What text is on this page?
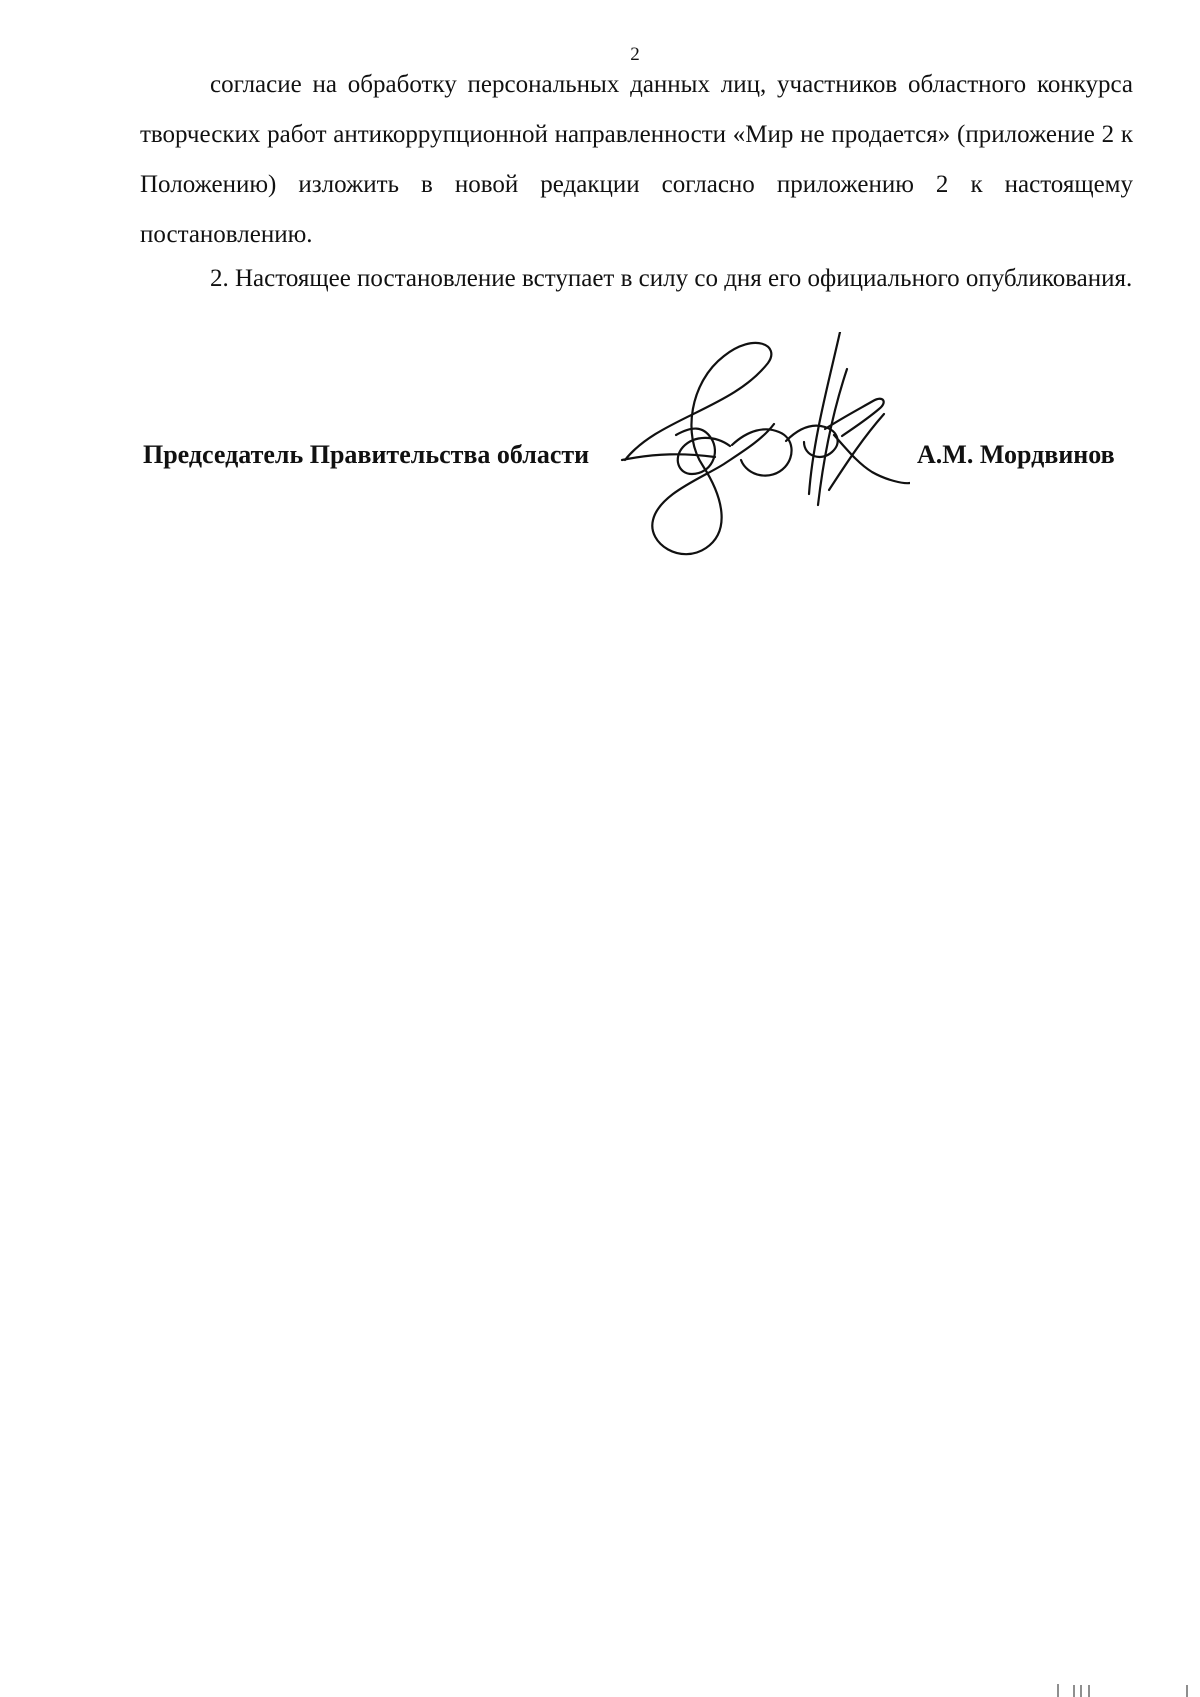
2
согласие на обработку персональных данных лиц, участников областного конкурса творческих работ антикоррупционной направленности «Мир не продается» (приложение 2 к Положению) изложить в новой редакции согласно приложению 2 к настоящему постановлению.
2. Настоящее постановление вступает в силу со дня его официального опубликования.
Председатель Правительства области	А.М. Мордвинов
